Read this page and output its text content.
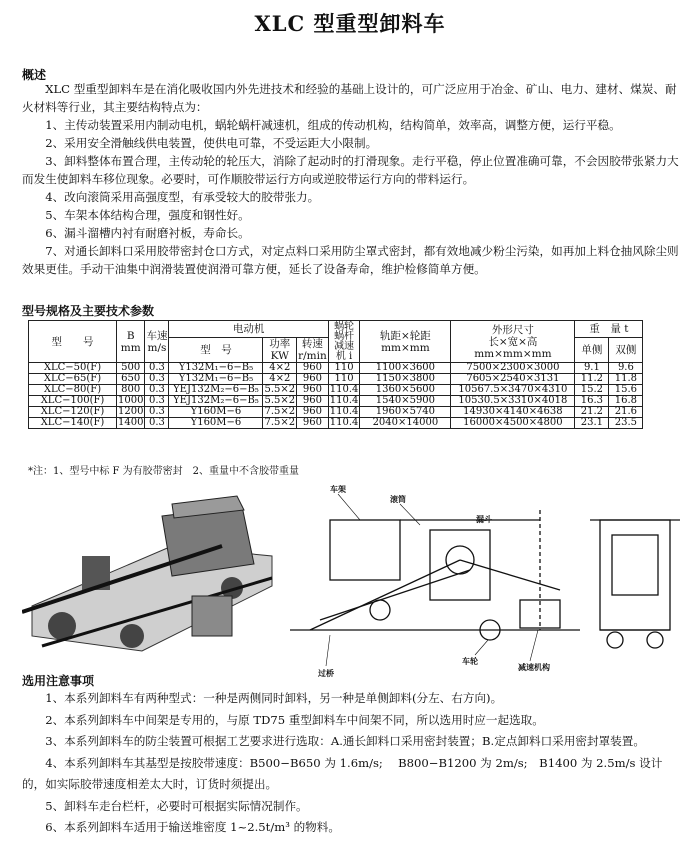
XLC 型重型卸料车
概述

XLC 型重型卸料车是在消化吸收国内外先进技术和经验的基础上设计的，可广泛应用于冶金、矿山、电力、建材、煤炭、耐火材料等行业，其主要结构特点为：

1、主传动装置采用内制动电机，蜗轮蜗杆减速机，组成的传动机构，结构简单，效率高，调整方便，运行平稳。

2、采用安全滑触线供电装置，使供电可靠，不受运距大小限制。

3、卸料整体布置合理，主传动轮的轮压大，消除了起动时的打滑现象。走行平稳，停止位置准确可靠，不会因胶带张紧力大而发生使卸料车移位现象。必要时，可作顺胶带运行方向或逆胶带运行方向的带料运行。

4、改向滚筒采用高强度型，有承受较大的胶带张力。

5、车架本体结构合理，强度和钢性好。

6、漏斗溜槽内衬有耐磨衬板，寿命长。

7、对通长卸料口采用胶带密封仓口方式，对定点料口采用防尘罩式密封，都有效地减少粉尘污染，如再加上料仓抽风除尘则效果更佳。手动干油集中润滑装置使润滑可靠方便，延长了设备寿命，维护检修简单方便。

型号规格及主要技术参数
型　　号	B
mm	车速
m/s	电动机			蜗轮蜗杆减速机 i	轨距×轮距
mm×mm	外形尺寸
长×宽×高
mm×mm×mm	重　量 t	
			型　号	功率
KW	转速
r/min				单侧	双侧
XLC−50(F)	500	0.3	Y132M₁−6−B₅	4×2	960	110	1100×3600	7500×2300×3000	9.1	9.6
XLC−65(F)	650	0.3	Y132M₁−6−B₅	4×2	960	110	1150×3800	7605×2540×3131	11.2	11.8
XLC−80(F)	800	0.3	YEJ132M₂−6−B₅	5.5×2	960	110.4	1360×5600	10567.5×3470×4310	15.2	15.6
XLC−100(F)	1000	0.3	YEJ132M₂−6−B₅	5.5×2	960	110.4	1540×5900	10530.5×3310×4018	16.3	16.8
XLC−120(F)	1200	0.3	Y160M−6	7.5×2	960	110.4	1960×5740	14930×4140×4638	21.2	21.6
XLC−140(F)	1400	0.3	Y160M−6	7.5×2	960	110.4	2040×14000	16000×4500×4800	23.1	23.5
*注：1、型号中标 F 为有胶带密封　2、重量中不含胶带重量
车架
滚筒
漏斗
过桥
车轮
减速机构
选用注意事项

1、本系列卸料车有两种型式：一种是两侧同时卸料，另一种是单侧卸料(分左、右方向)。

2、本系列卸料车中间架是专用的，与原 TD75 重型卸料车中间架不同，所以选用时应一起选取。

3、本系列卸料车的防尘装置可根据工艺要求进行选取：A.通长卸料口采用密封装置；B.定点卸料口采用密封罩装置。

4、本系列卸料车其基型是按胶带速度：B500−B650 为 1.6m/s;　 B800−B1200 为 2m/s;　B1400 为 2.5m/s 设计的，如实际胶带速度相差太大时，订货时须提出。

5、卸料车走台栏杆，必要时可根据实际情况制作。

6、本系列卸料车适用于输送堆密度 1~2.5t/m³ 的物料。
